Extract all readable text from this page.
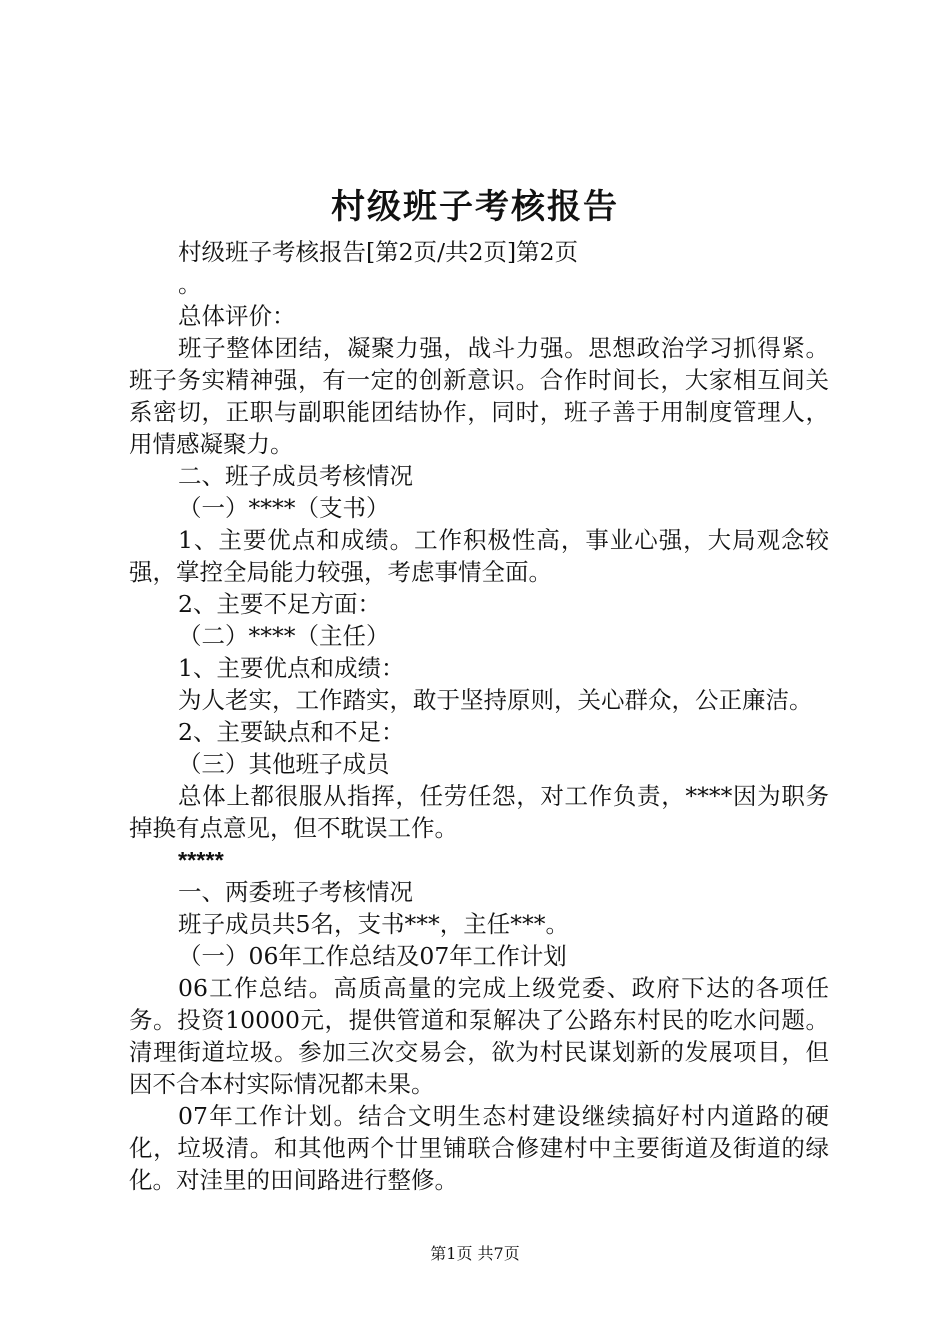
村级班子考核报告

村级班子考核报告[第2页/共2页]第2页

。

总体评价：

班子整体团结，凝聚力强，战斗力强。思想政治学习抓得紧。班子务实精神强，有一定的创新意识。合作时间长，大家相互间关系密切，正职与副职能团结协作，同时，班子善于用制度管理人，用情感凝聚力。

二、班子成员考核情况

（一）****（支书）

1、主要优点和成绩。工作积极性高，事业心强，大局观念较强，掌控全局能力较强，考虑事情全面。

2、主要不足方面：

（二）****（主任）

1、主要优点和成绩：

为人老实，工作踏实，敢于坚持原则，关心群众，公正廉洁。

2、主要缺点和不足：

（三）其他班子成员

总体上都很服从指挥，任劳任怨，对工作负责，****因为职务掉换有点意见，但不耽误工作。

*****

一、两委班子考核情况

班子成员共5名，支书***，主任***。

（一）06年工作总结及07年工作计划

06工作总结。高质高量的完成上级党委、政府下达的各项任务。投资10000元，提供管道和泵解决了公路东村民的吃水问题。清理街道垃圾。参加三次交易会，欲为村民谋划新的发展项目，但因不合本村实际情况都未果。

07年工作计划。结合文明生态村建设继续搞好村内道路的硬化，垃圾清。和其他两个廿里铺联合修建村中主要街道及街道的绿化。对洼里的田间路进行整修。

第1页 共7页
